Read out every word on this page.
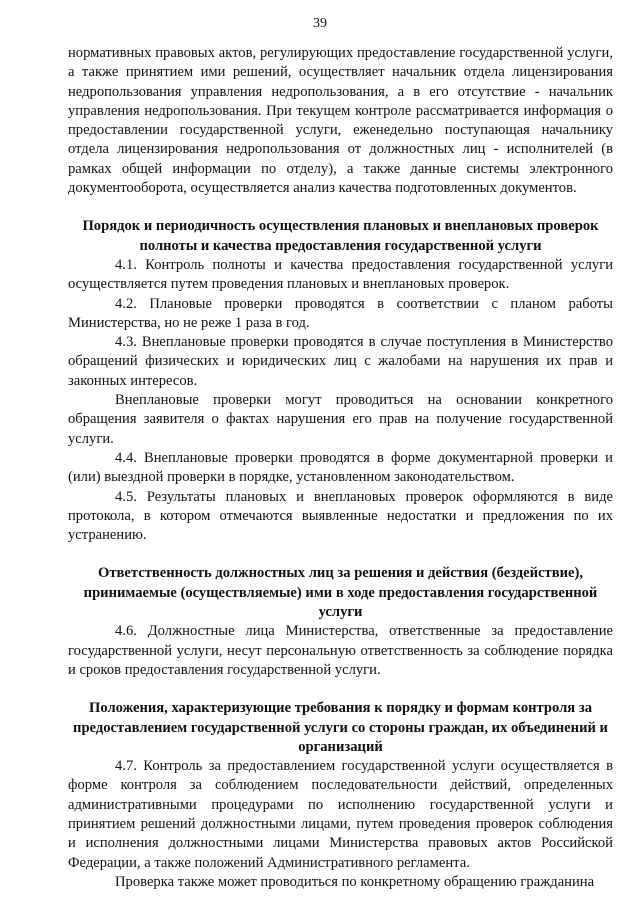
39

нормативных правовых актов, регулирующих предоставление государственной услуги, а также принятием ими решений, осуществляет начальник отдела лицензирования недропользования управления недропользования, а в его отсутствие - начальник управления недропользования. При текущем контроле рассматривается информация о предоставлении государственной услуги, еженедельно поступающая начальнику отдела лицензирования недропользования от должностных лиц - исполнителей (в рамках общей информации по отделу), а также данные системы электронного документооборота, осуществляется анализ качества подготовленных документов.

Порядок и периодичность осуществления плановых и внеплановых проверок полноты и качества предоставления государственной услуги

4.1. Контроль полноты и качества предоставления государственной услуги осуществляется путем проведения плановых и внеплановых проверок.

4.2. Плановые проверки проводятся в соответствии с планом работы Министерства, но не реже 1 раза в год.

4.3. Внеплановые проверки проводятся в случае поступления в Министерство обращений физических и юридических лиц с жалобами на нарушения их прав и законных интересов.

Внеплановые проверки могут проводиться на основании конкретного обращения заявителя о фактах нарушения его прав на получение государственной услуги.

4.4. Внеплановые проверки проводятся в форме документарной проверки и (или) выездной проверки в порядке, установленном законодательством.

4.5. Результаты плановых и внеплановых проверок оформляются в виде протокола, в котором отмечаются выявленные недостатки и предложения по их устранению.

Ответственность должностных лиц за решения и действия (бездействие), принимаемые (осуществляемые) ими в ходе предоставления государственной услуги

4.6. Должностные лица Министерства, ответственные за предоставление государственной услуги, несут персональную ответственность за соблюдение порядка и сроков предоставления государственной услуги.

Положения, характеризующие требования к порядку и формам контроля за предоставлением государственной услуги со стороны граждан, их объединений и организаций

4.7. Контроль за предоставлением государственной услуги осуществляется в форме контроля за соблюдением последовательности действий, определенных административными процедурами по исполнению государственной услуги и принятием решений должностными лицами, путем проведения проверок соблюдения и исполнения должностными лицами Министерства правовых актов Российской Федерации, а также положений Административного регламента.

Проверка также может проводиться по конкретному обращению гражданина
